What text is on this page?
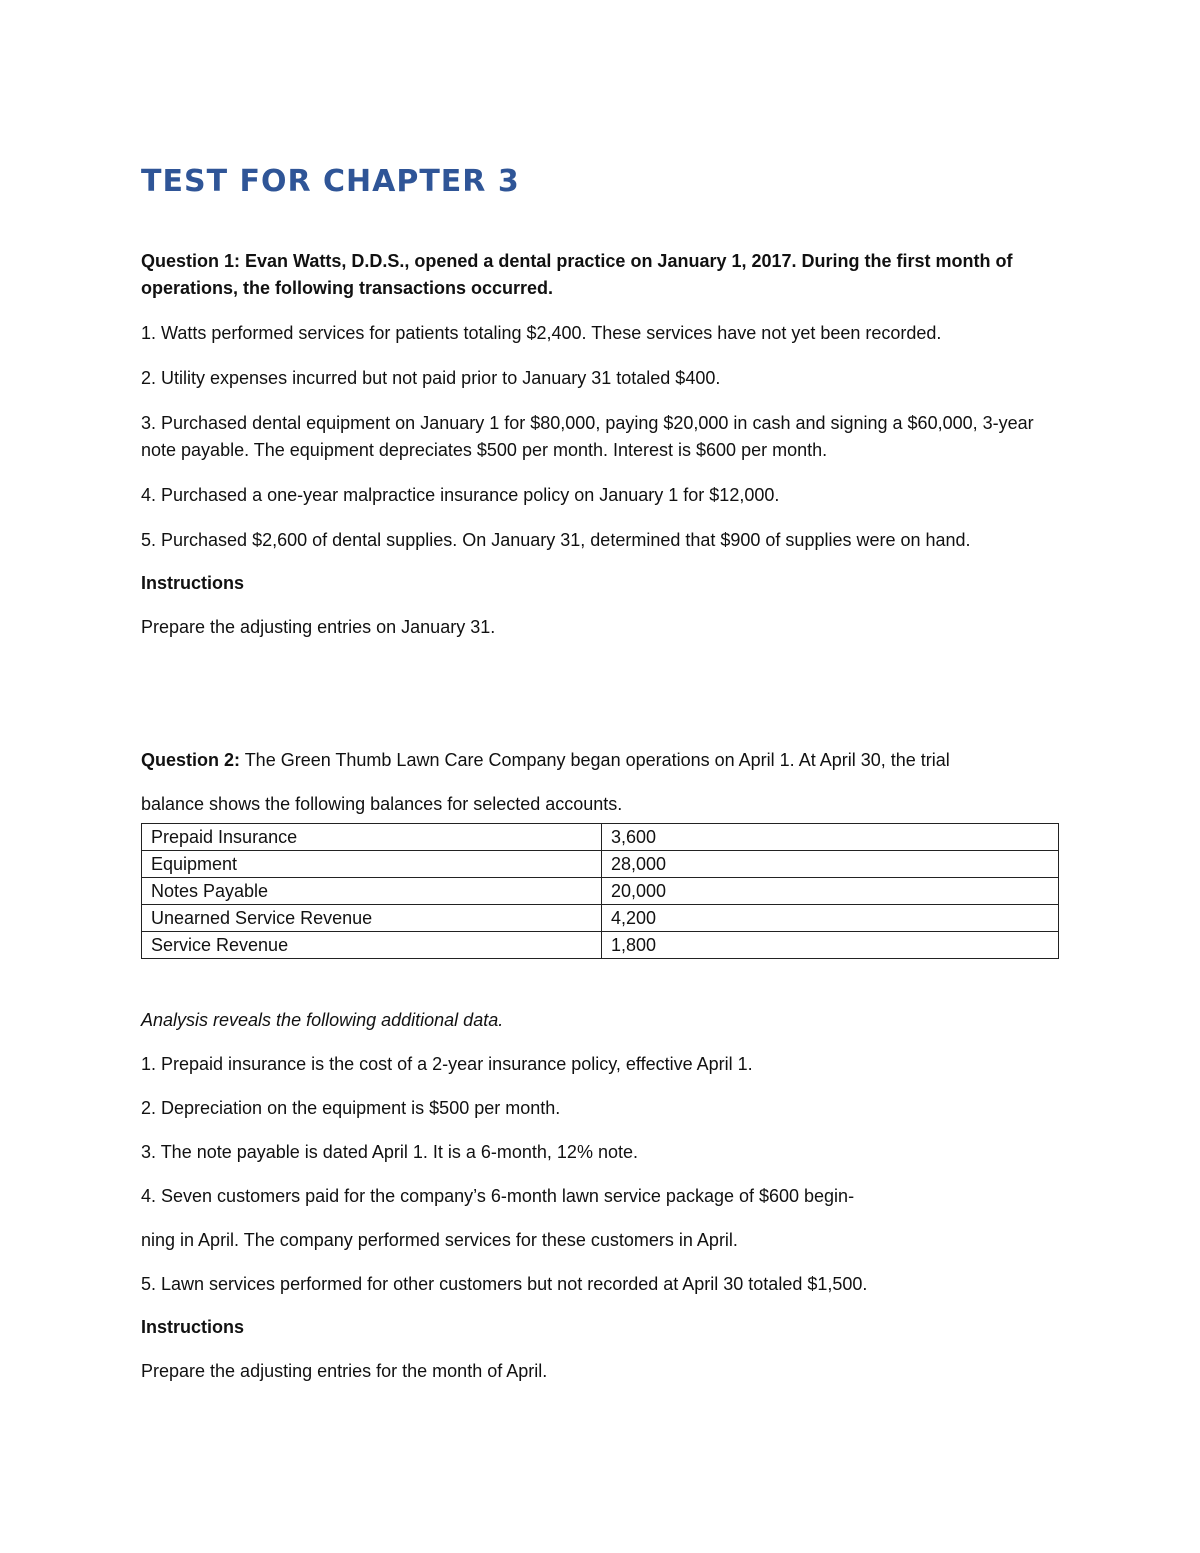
TEST FOR CHAPTER 3

Question 1: Evan Watts, D.D.S., opened a dental practice on January 1, 2017. During the first month of operations, the following transactions occurred.

1. Watts performed services for patients totaling $2,400. These services have not yet been recorded.

2. Utility expenses incurred but not paid prior to January 31 totaled $400.

3. Purchased dental equipment on January 1 for $80,000, paying $20,000 in cash and signing a $60,000, 3-year note payable. The equipment depreciates $500 per month. Interest is $600 per month.

4. Purchased a one-year malpractice insurance policy on January 1 for $12,000.

5. Purchased $2,600 of dental supplies. On January 31, determined that $900 of supplies were on hand.

Instructions

Prepare the adjusting entries on January 31.

Question 2: The Green Thumb Lawn Care Company began operations on April 1. At April 30, the trial

balance shows the following balances for selected accounts.

Prepaid Insurance	3,600
Equipment	28,000
Notes Payable	20,000
Unearned Service Revenue	4,200
Service Revenue	1,800

Analysis reveals the following additional data.

1. Prepaid insurance is the cost of a 2-year insurance policy, effective April 1.

2. Depreciation on the equipment is $500 per month.

3. The note payable is dated April 1. It is a 6-month, 12% note.

4. Seven customers paid for the company’s 6-month lawn service package of $600 begin-

ning in April. The company performed services for these customers in April.

5. Lawn services performed for other customers but not recorded at April 30 totaled $1,500.

Instructions

Prepare the adjusting entries for the month of April.
